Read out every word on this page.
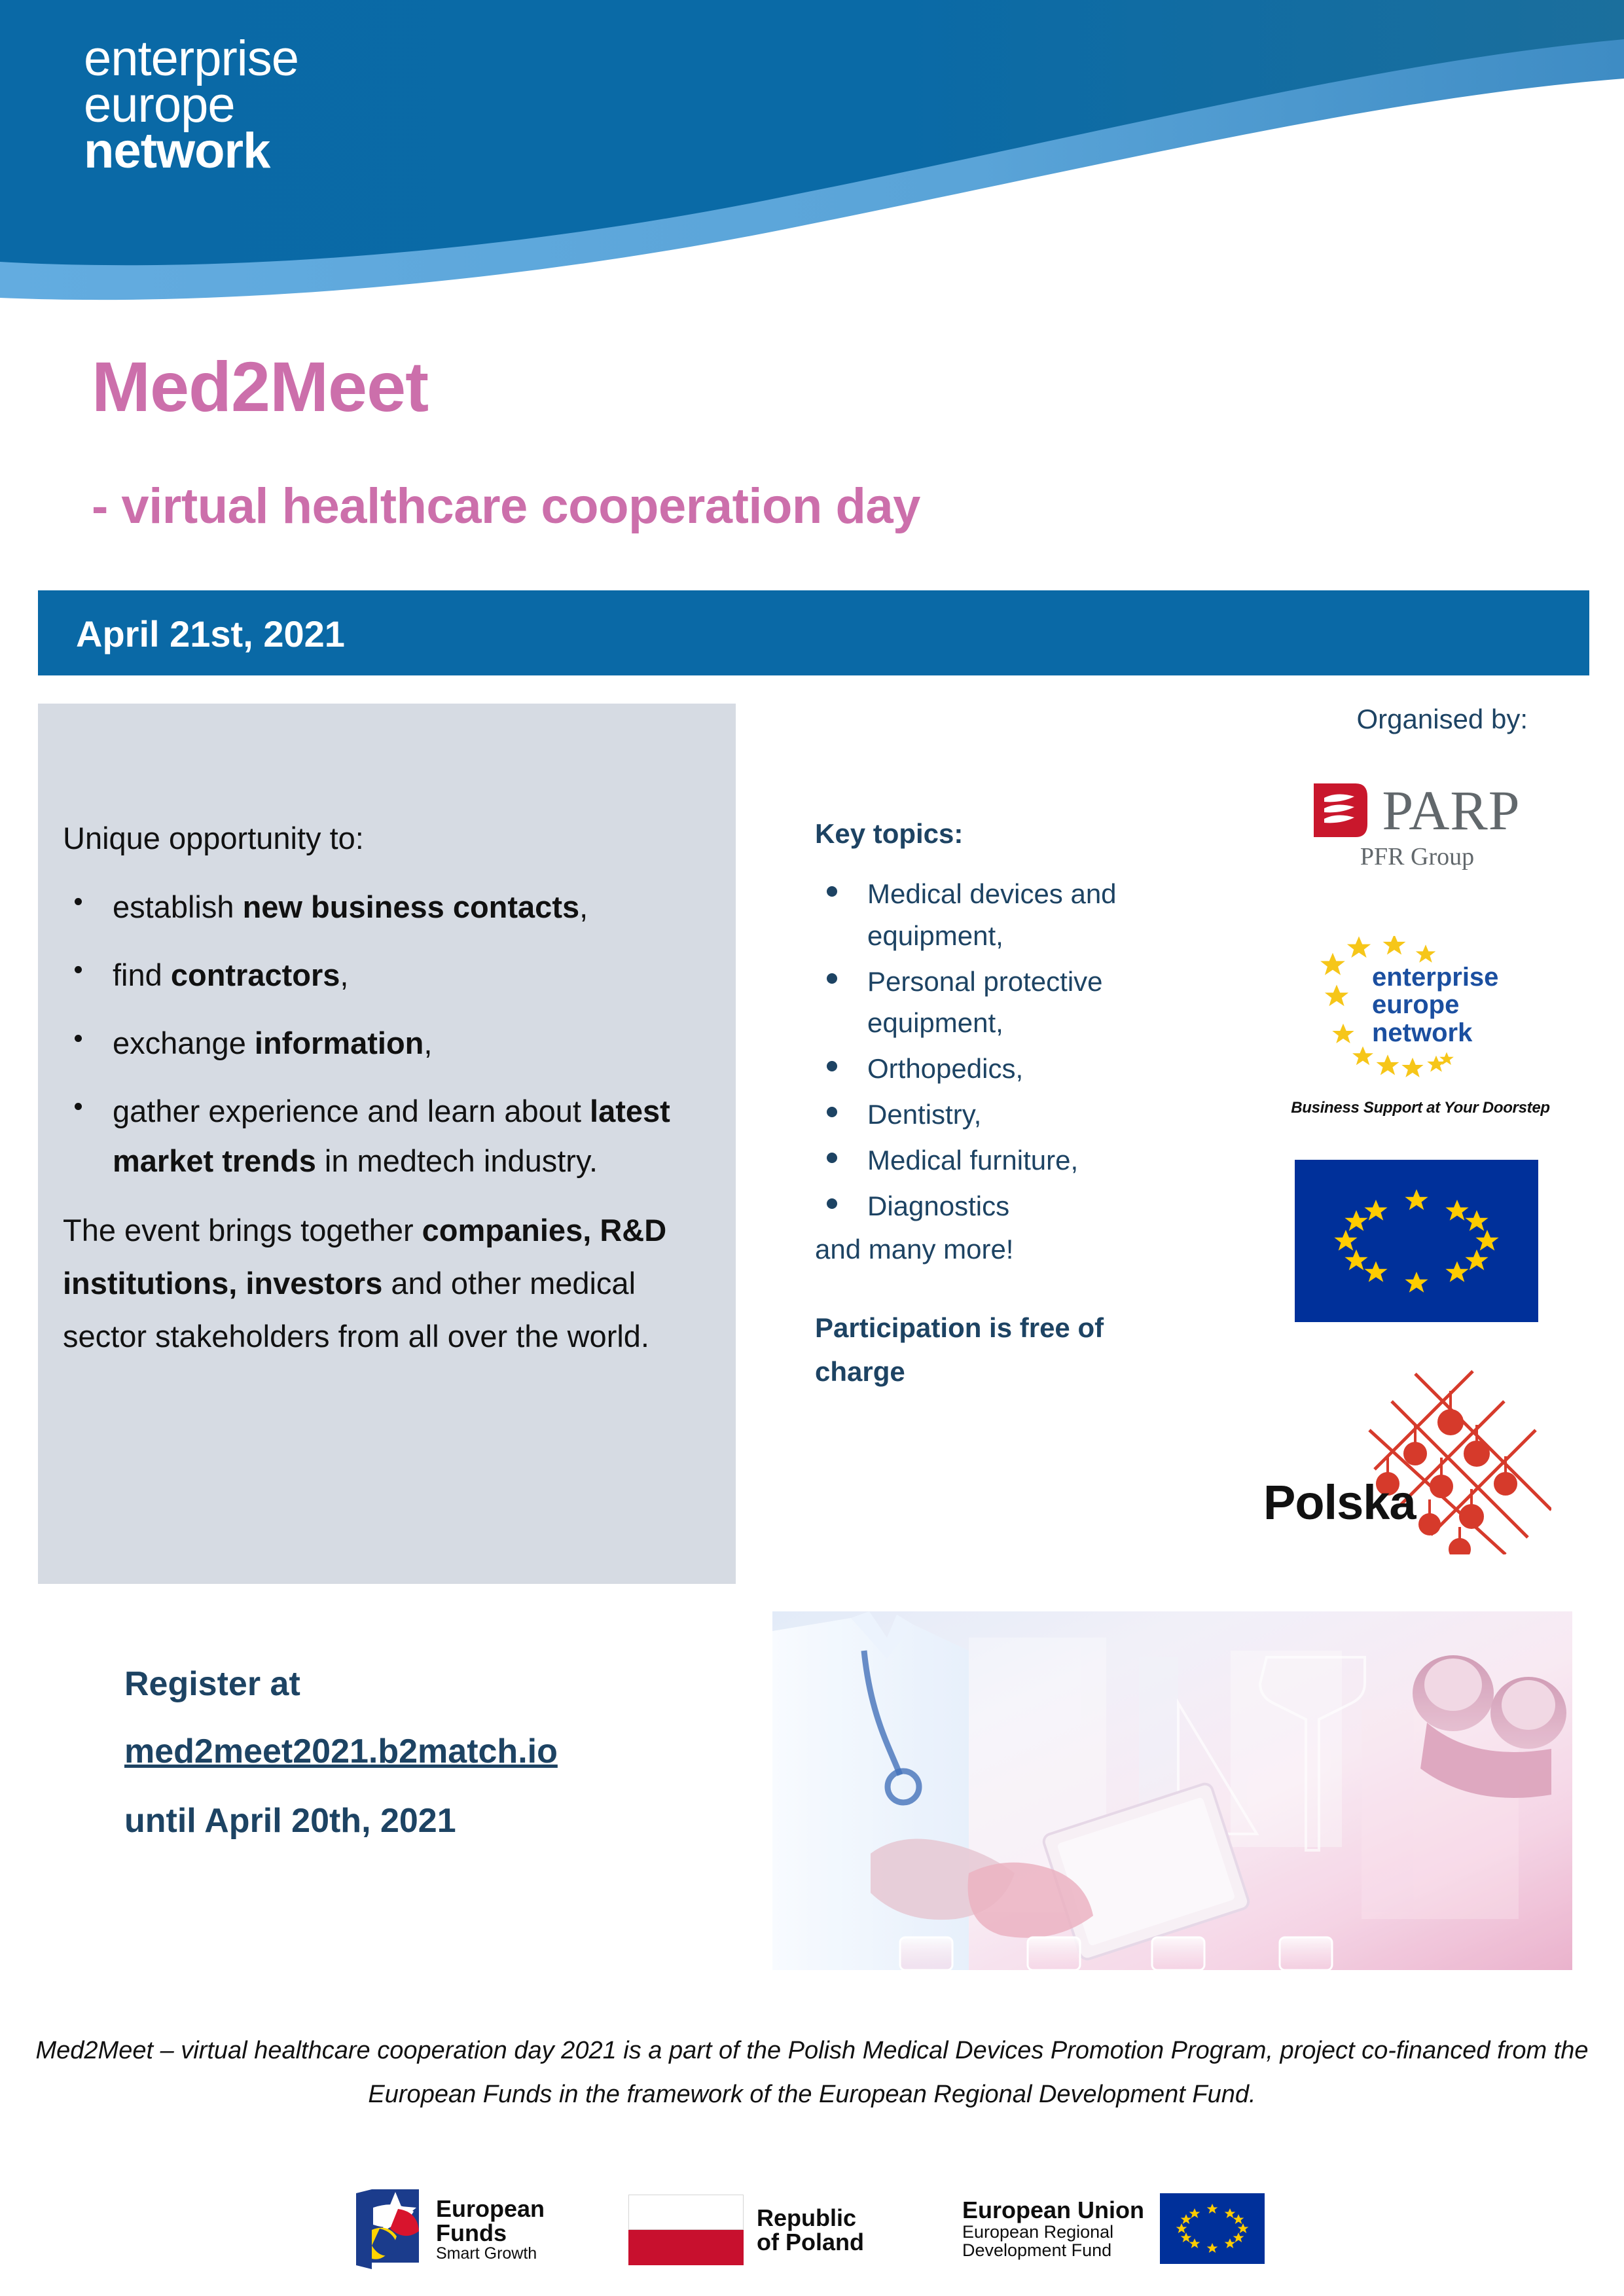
enterprise
europe
network
Med2Meet
- virtual healthcare cooperation day
April 21st, 2021
Unique opportunity to:
establish new business contacts,
find contractors,
exchange information,
gather experience and learn about latest market trends in medtech industry.
The event brings together companies, R&D institutions, investors and other medical sector stakeholders from all over the world.
Key topics:
Medical devices and equipment,
Personal protective equipment,
Orthopedics,
Dentistry,
Medical furniture,
Diagnostics
and many more!
Participation is free of
charge
Organised by:
PARP
PFR Group
enterprise
europe
network
Business Support at Your Doorstep
Polska
Register at
med2meet2021.b2match.io
until April 20th, 2021
Med2Meet – virtual healthcare cooperation day 2021 is a part of the Polish Medical Devices Promotion Program, project co-financed from the European Funds in the framework of the European Regional Development Fund.
European
Funds
Smart Growth
Republic
of Poland
European Union
European Regional
Development Fund
